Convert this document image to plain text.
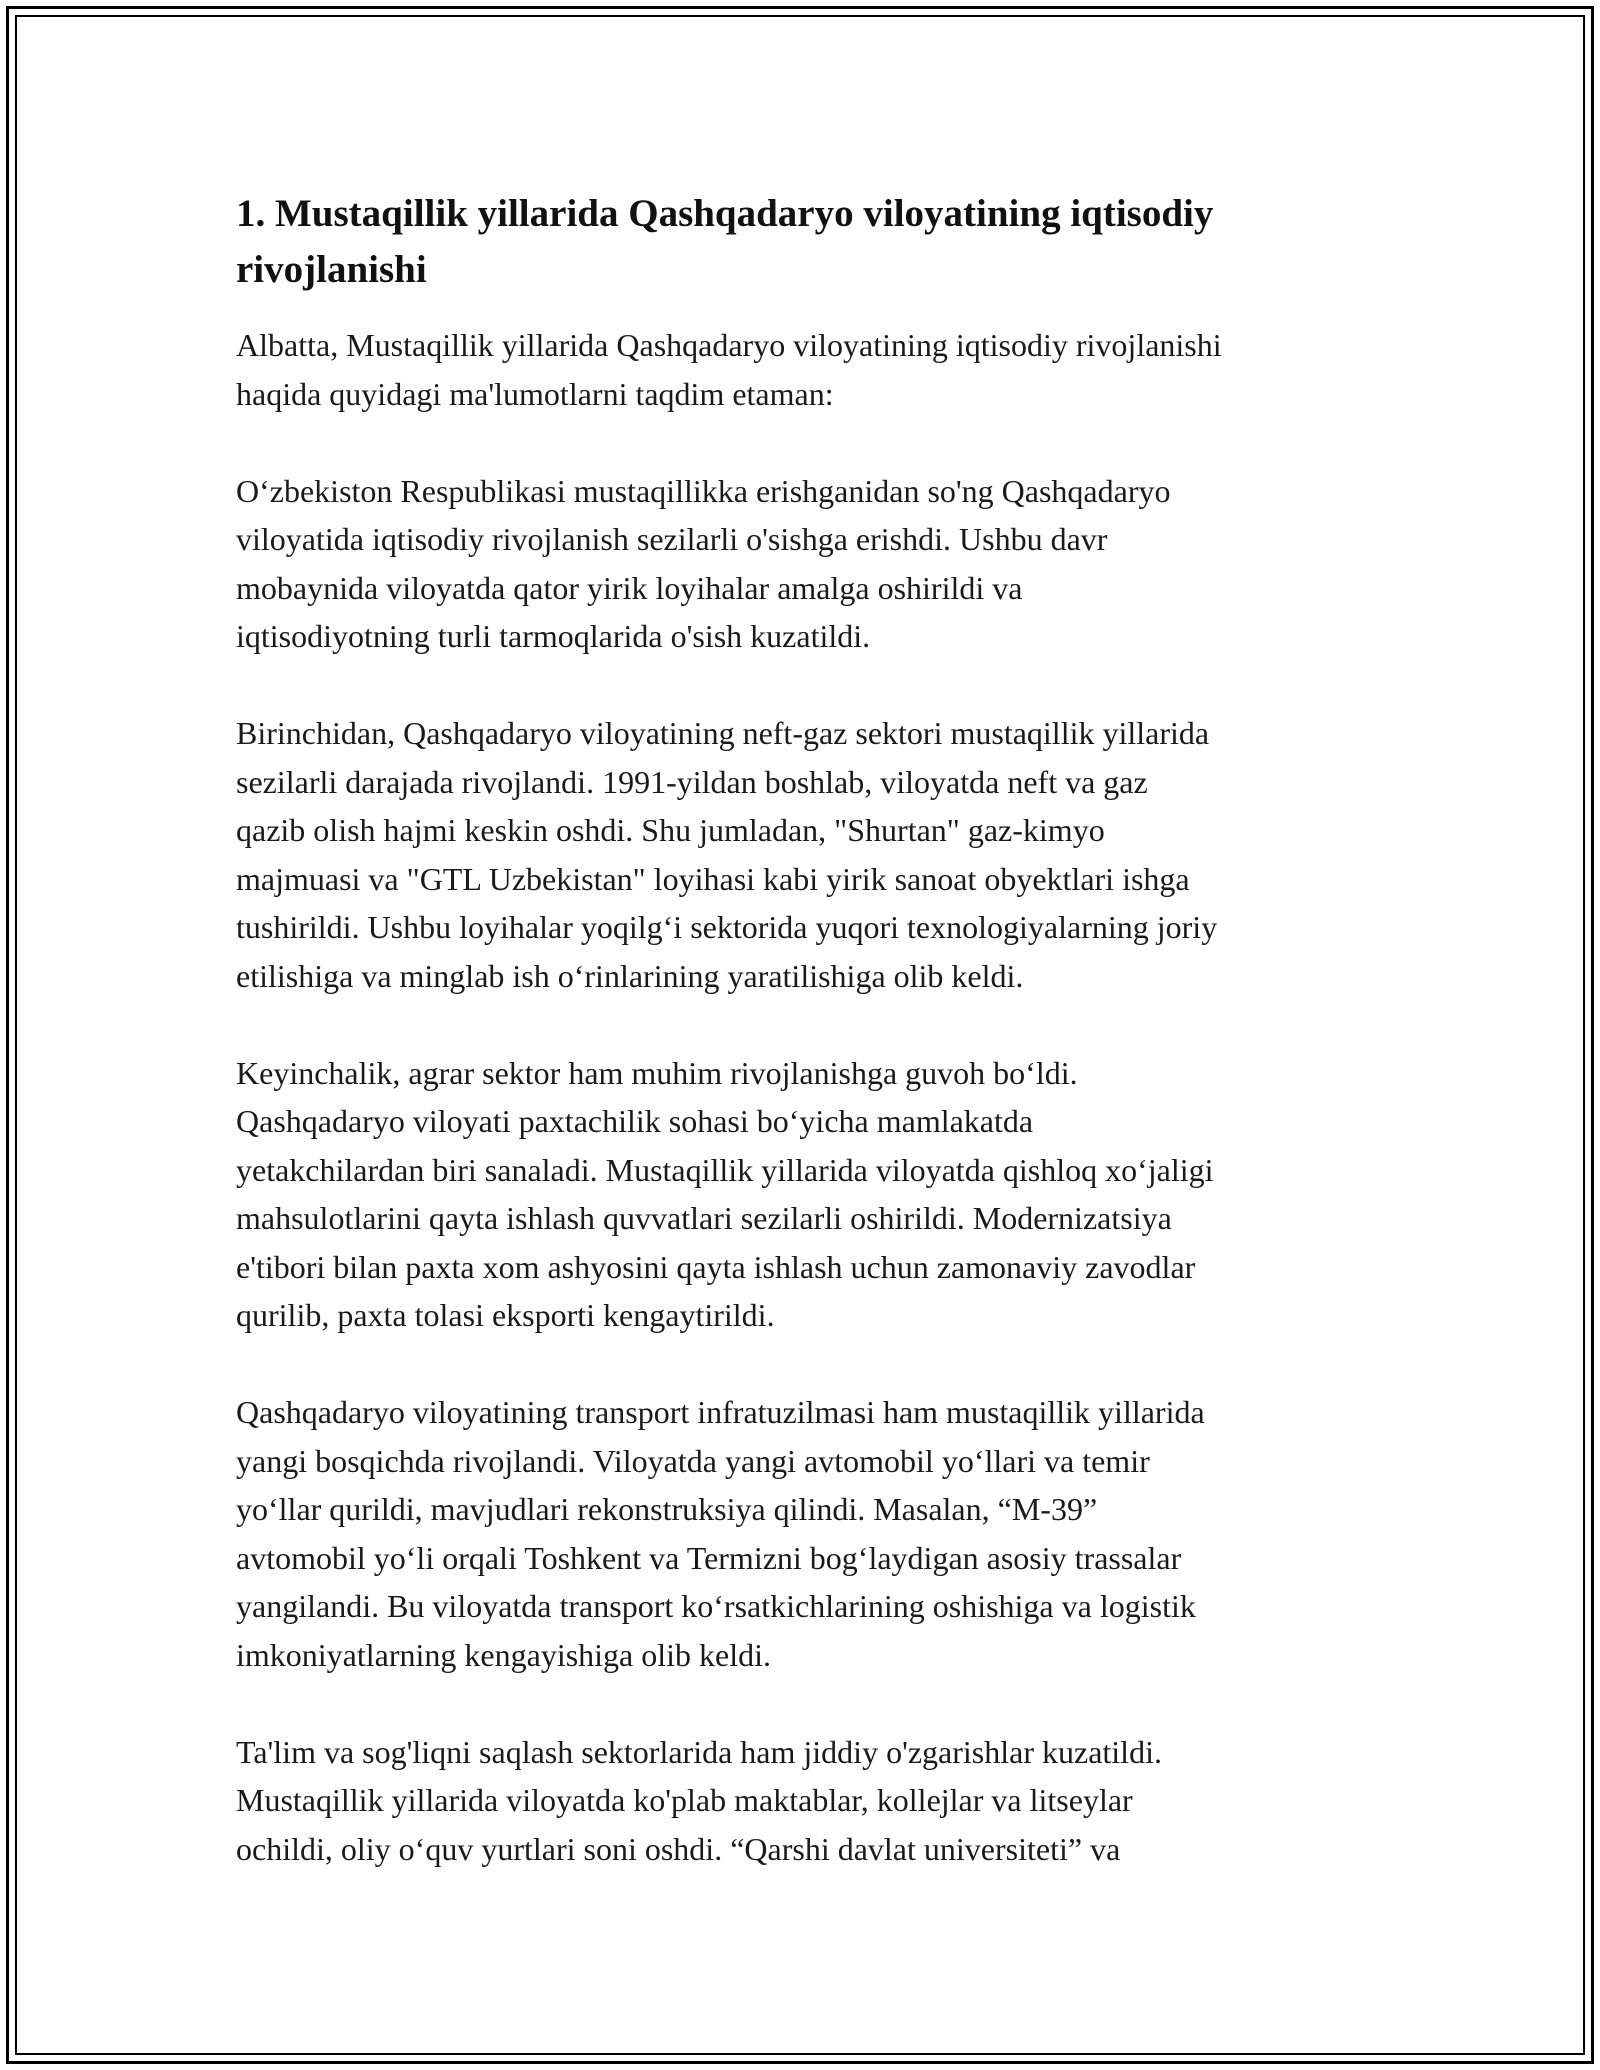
1. Mustaqillik yillarida Qashqadaryo viloyatining iqtisodiy
rivojlanishi

Albatta, Mustaqillik yillarida Qashqadaryo viloyatining iqtisodiy rivojlanishi
haqida quyidagi ma'lumotlarni taqdim etaman:

O‘zbekiston Respublikasi mustaqillikka erishganidan so'ng Qashqadaryo
viloyatida iqtisodiy rivojlanish sezilarli o'sishga erishdi. Ushbu davr
mobaynida viloyatda qator yirik loyihalar amalga oshirildi va
iqtisodiyotning turli tarmoqlarida o'sish kuzatildi.

Birinchidan, Qashqadaryo viloyatining neft-gaz sektori mustaqillik yillarida
sezilarli darajada rivojlandi. 1991-yildan boshlab, viloyatda neft va gaz
qazib olish hajmi keskin oshdi. Shu jumladan, "Shurtan" gaz-kimyo
majmuasi va "GTL Uzbekistan" loyihasi kabi yirik sanoat obyektlari ishga
tushirildi. Ushbu loyihalar yoqilg‘i sektorida yuqori texnologiyalarning joriy
etilishiga va minglab ish o‘rinlarining yaratilishiga olib keldi.

Keyinchalik, agrar sektor ham muhim rivojlanishga guvoh bo‘ldi.
Qashqadaryo viloyati paxtachilik sohasi bo‘yicha mamlakatda
yetakchilardan biri sanaladi. Mustaqillik yillarida viloyatda qishloq xo‘jaligi
mahsulotlarini qayta ishlash quvvatlari sezilarli oshirildi. Modernizatsiya
e'tibori bilan paxta xom ashyosini qayta ishlash uchun zamonaviy zavodlar
qurilib, paxta tolasi eksporti kengaytirildi.

Qashqadaryo viloyatining transport infratuzilmasi ham mustaqillik yillarida
yangi bosqichda rivojlandi. Viloyatda yangi avtomobil yo‘llari va temir
yo‘llar qurildi, mavjudlari rekonstruksiya qilindi. Masalan, “M-39”
avtomobil yo‘li orqali Toshkent va Termizni bog‘laydigan asosiy trassalar
yangilandi. Bu viloyatda transport ko‘rsatkichlarining oshishiga va logistik
imkoniyatlarning kengayishiga olib keldi.

Ta'lim va sog'liqni saqlash sektorlarida ham jiddiy o'zgarishlar kuzatildi.
Mustaqillik yillarida viloyatda ko'plab maktablar, kollejlar va litseylar
ochildi, oliy o‘quv yurtlari soni oshdi. “Qarshi davlat universiteti” va
